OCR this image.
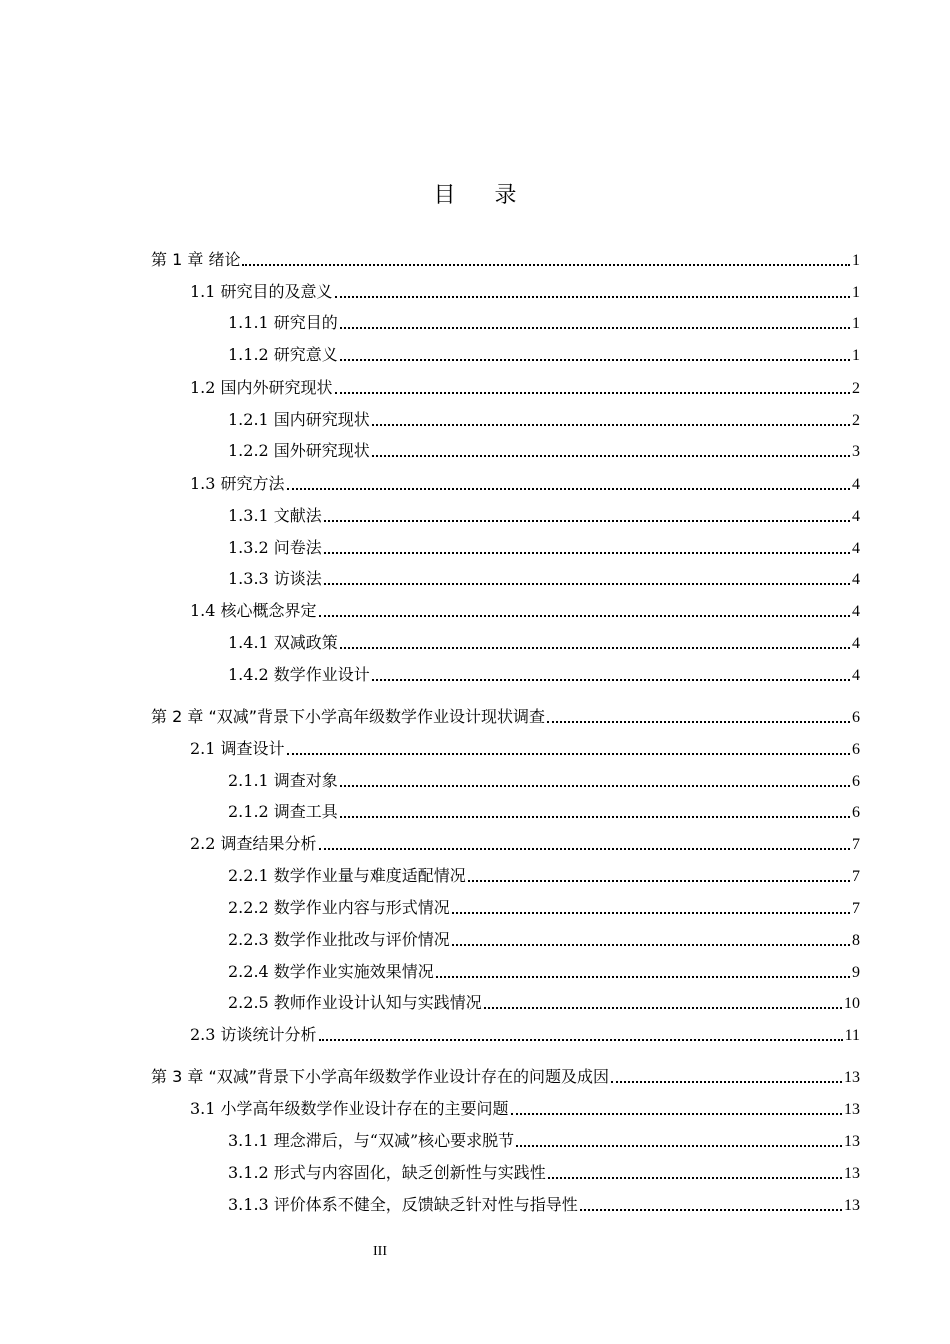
目 录
第 1 章 绪论	1
1.1 研究目的及意义	1
1.1.1 研究目的	1
1.1.2 研究意义	1
1.2 国内外研究现状	2
1.2.1 国内研究现状	2
1.2.2 国外研究现状	3
1.3 研究方法	4
1.3.1 文献法	4
1.3.2 问卷法	4
1.3.3 访谈法	4
1.4 核心概念界定	4
1.4.1 双减政策	4
1.4.2 数学作业设计	4
第 2 章 “双减”背景下小学高年级数学作业设计现状调查	6
2.1 调查设计	6
2.1.1 调查对象	6
2.1.2 调查工具	6
2.2 调查结果分析	7
2.2.1 数学作业量与难度适配情况	7
2.2.2 数学作业内容与形式情况	7
2.2.3 数学作业批改与评价情况	8
2.2.4 数学作业实施效果情况	9
2.2.5 教师作业设计认知与实践情况	10
2.3 访谈统计分析	11
第 3 章 “双减”背景下小学高年级数学作业设计存在的问题及成因	13
3.1 小学高年级数学作业设计存在的主要问题	13
3.1.1 理念滞后，与“双减”核心要求脱节	13
3.1.2 形式与内容固化，缺乏创新性与实践性	13
3.1.3 评价体系不健全，反馈缺乏针对性与指导性	13
III
